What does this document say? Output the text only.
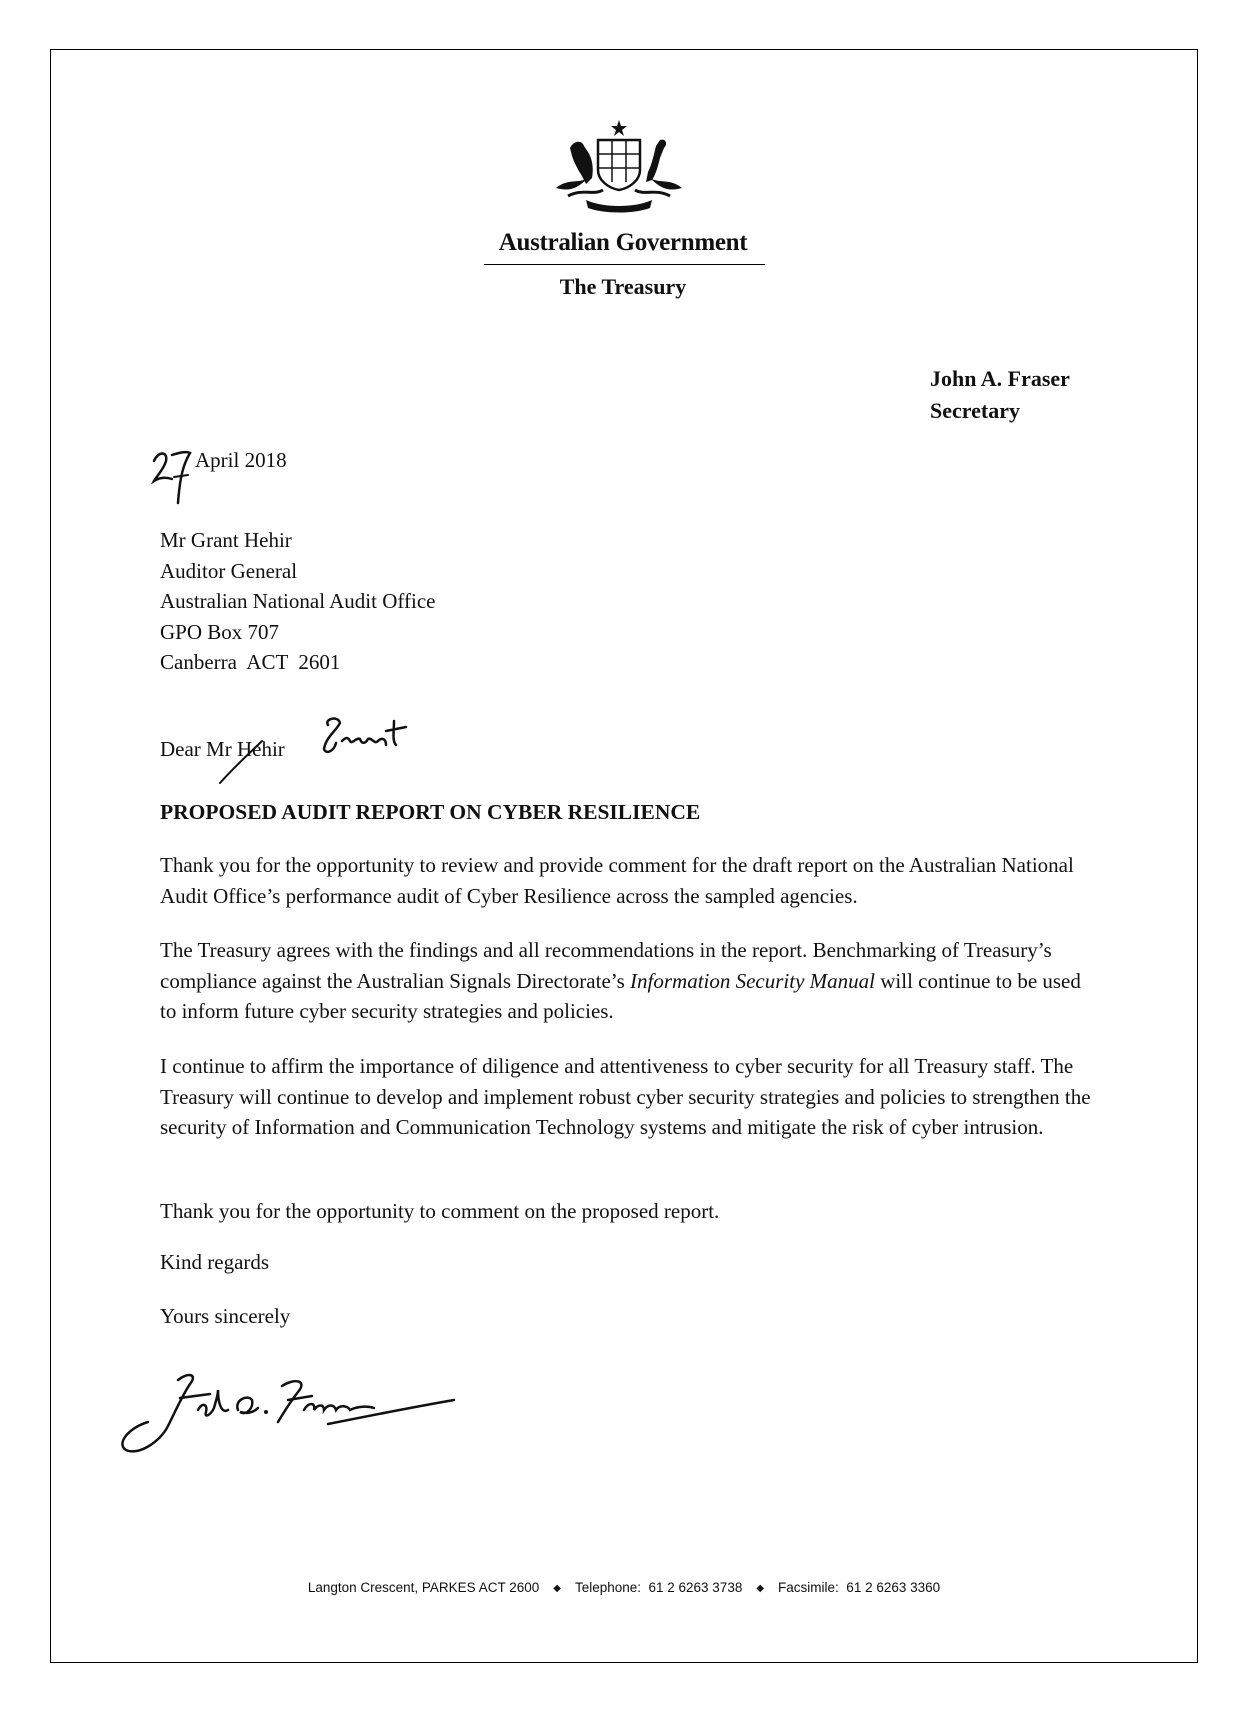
Australian Government
The Treasury
John A. Fraser
Secretary
April 2018
Mr Grant Hehir
Auditor General
Australian National Audit Office
GPO Box 707
Canberra  ACT  2601
Dear Mr Hehir
PROPOSED AUDIT REPORT ON CYBER RESILIENCE
Thank you for the opportunity to review and provide comment for the draft report on the Australian National Audit Office’s performance audit of Cyber Resilience across the sampled agencies.
The Treasury agrees with the findings and all recommendations in the report. Benchmarking of Treasury’s compliance against the Australian Signals Directorate’s Information Security Manual will continue to be used to inform future cyber security strategies and policies.
I continue to affirm the importance of diligence and attentiveness to cyber security for all Treasury staff. The Treasury will continue to develop and implement robust cyber security strategies and policies to strengthen the security of Information and Communication Technology systems and mitigate the risk of cyber intrusion.
Thank you for the opportunity to comment on the proposed report.
Kind regards
Yours sincerely
Langton Crescent, PARKES ACT 2600 ◆ Telephone:  61 2 6263 3738 ◆ Facsimile:  61 2 6263 3360
